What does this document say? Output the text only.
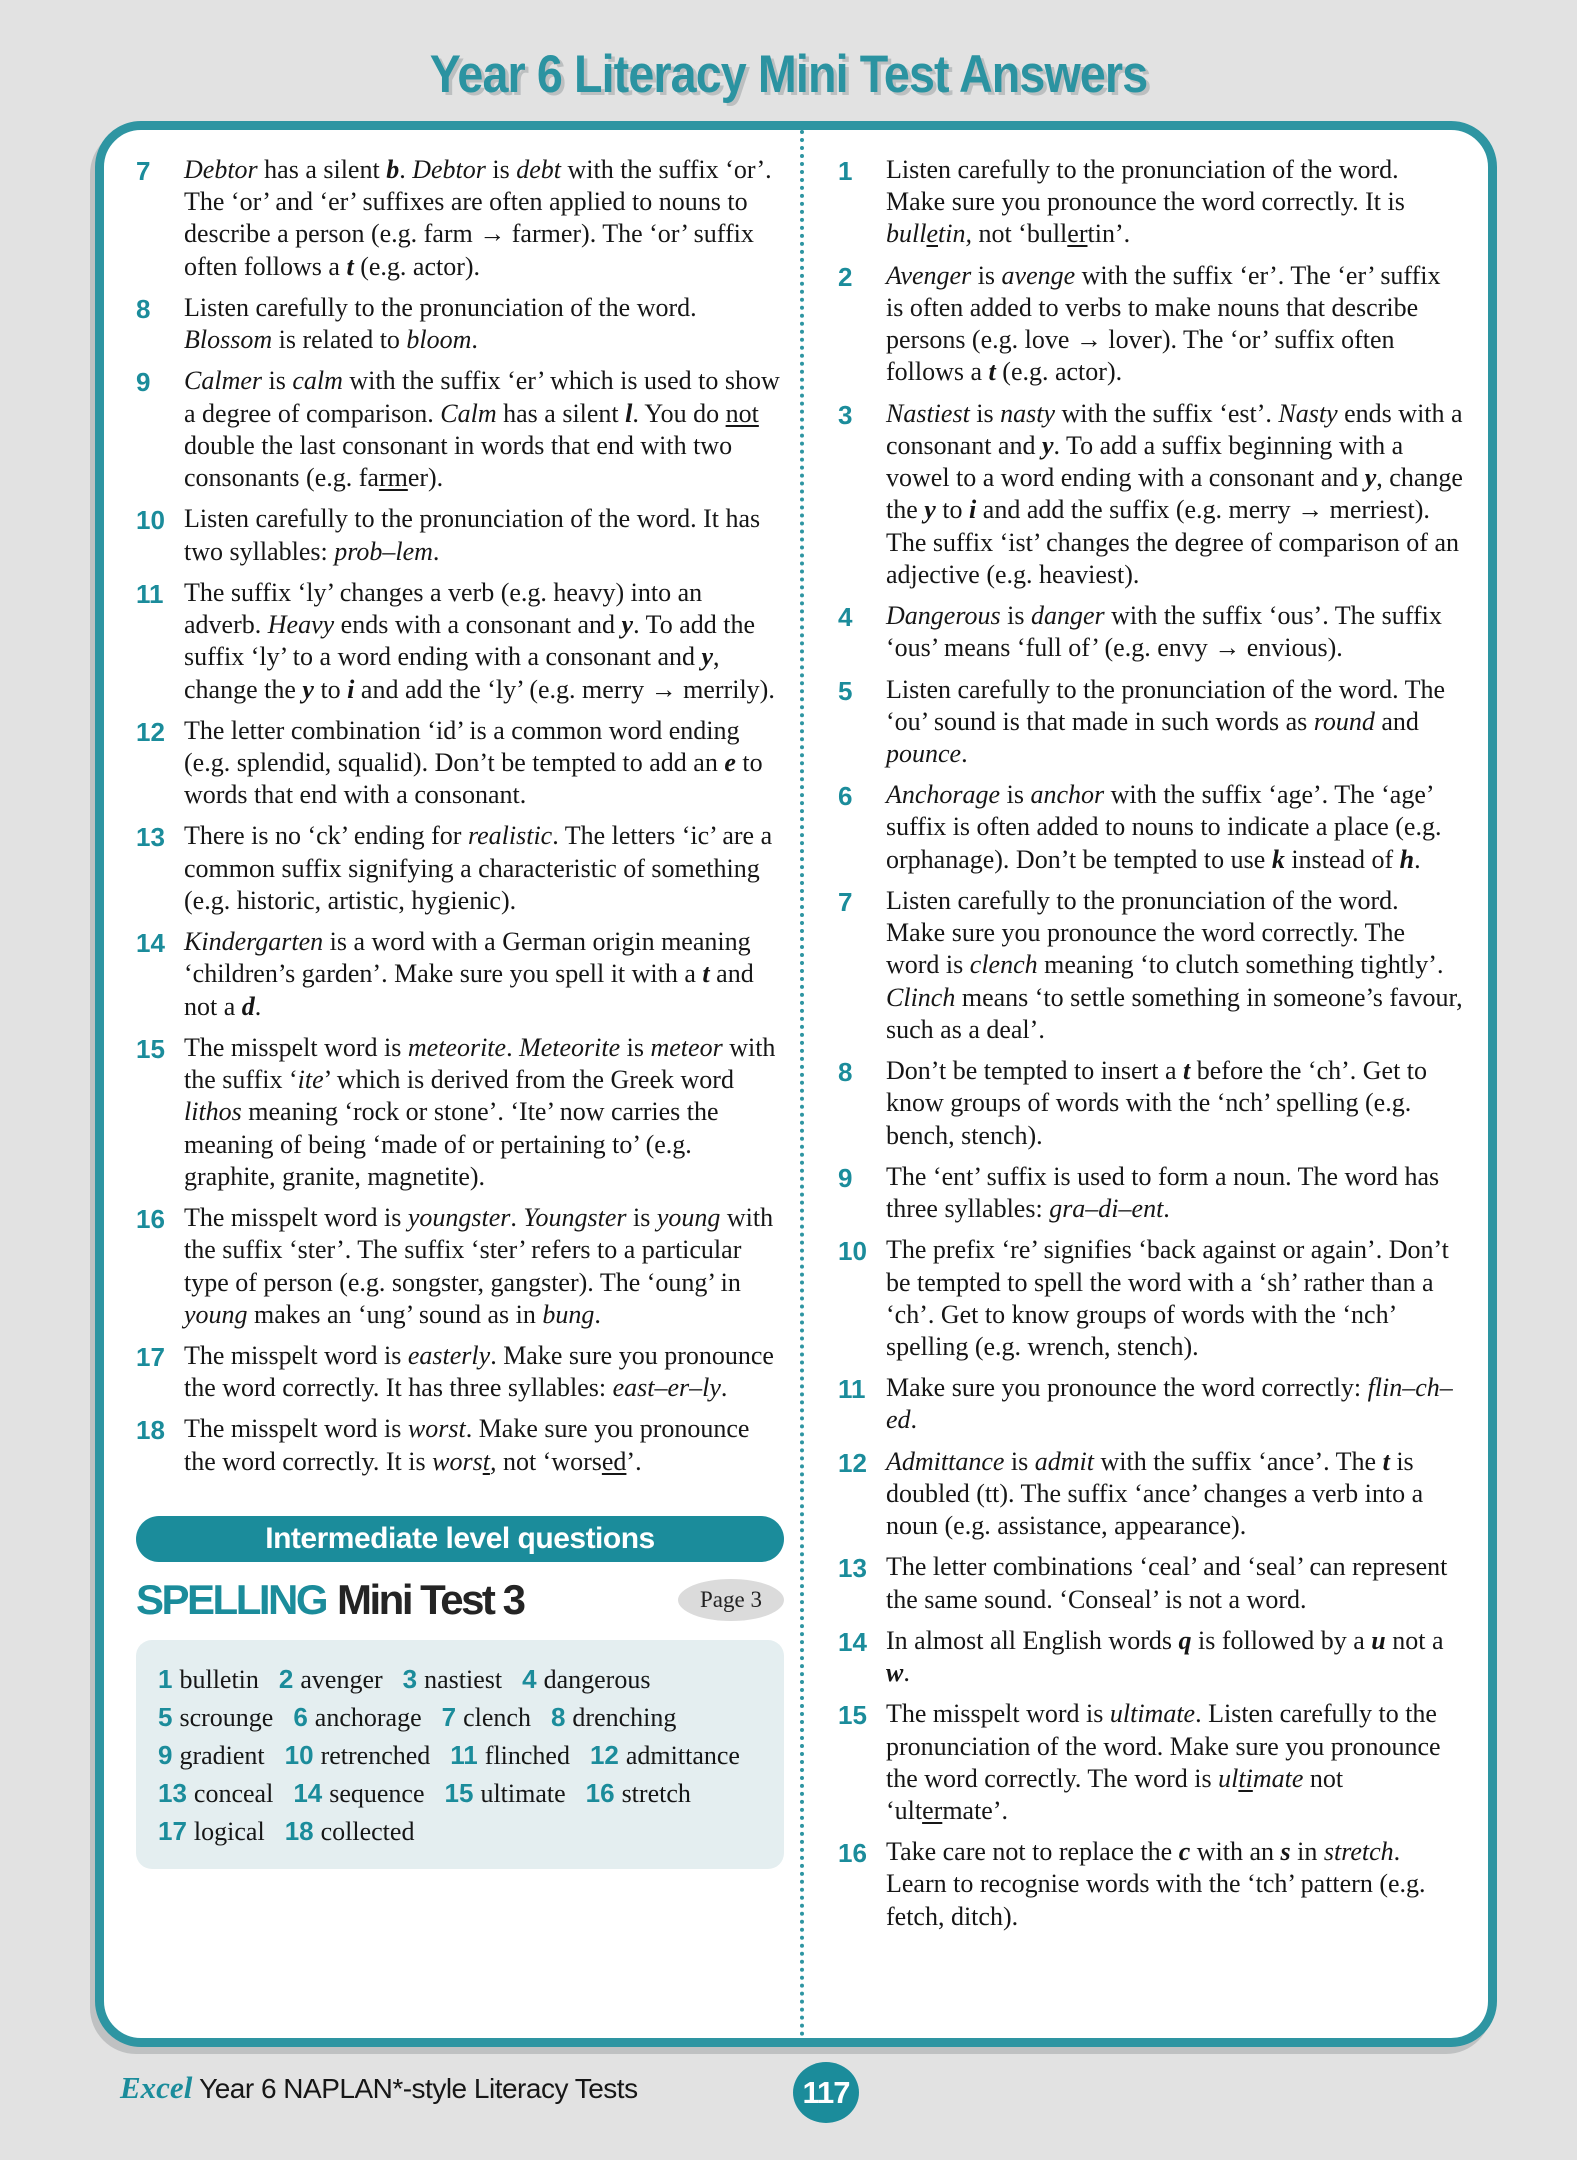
Year 6 Literacy Mini Test Answers
7	Debtor has a silent b. Debtor is debt with the suffix ‘or’. The ‘or’ and ‘er’ suffixes are often applied to nouns to describe a person (e.g. farm → farmer). The ‘or’ suffix often follows a t (e.g. actor).
8	Listen carefully to the pronunciation of the word. Blossom is related to bloom.
9	Calmer is calm with the suffix ‘er’ which is used to show a degree of comparison. Calm has a silent l. You do not double the last consonant in words that end with two consonants (e.g. farmer).
10 Listen carefully to the pronunciation of the word. It has two syllables: prob–lem.
11 The suffix ‘ly’ changes a verb (e.g. heavy) into an adverb. Heavy ends with a consonant and y. To add the suffix ‘ly’ to a word ending with a consonant and y, change the y to i and add the ‘ly’ (e.g. merry → merrily).
12 The letter combination ‘id’ is a common word ending (e.g. splendid, squalid). Don’t be tempted to add an e to words that end with a consonant.
13 There is no ‘ck’ ending for realistic. The letters ‘ic’ are a common suffix signifying a characteristic of something (e.g. historic, artistic, hygienic).
14 Kindergarten is a word with a German origin meaning ‘children’s garden’. Make sure you spell it with a t and not a d.
15 The misspelt word is meteorite. Meteorite is meteor with the suffix ‘ite’ which is derived from the Greek word lithos meaning ‘rock or stone’. ‘Ite’ now carries the meaning of being ‘made of or pertaining to’ (e.g. graphite, granite, magnetite).
16 The misspelt word is youngster. Youngster is young with the suffix ‘ster’. The suffix ‘ster’ refers to a particular type of person (e.g. songster, gangster). The ‘oung’ in young makes an ‘ung’ sound as in bung.
17 The misspelt word is easterly. Make sure you pronounce the word correctly. It has three syllables: east–er–ly.
18 The misspelt word is worst. Make sure you pronounce the word correctly. It is worst, not ‘worsed’.
Intermediate level questions
SPELLING Mini Test 3	Page 3
1 bulletin 2 avenger 3 nastiest 4 dangerous
5 scrounge 6 anchorage 7 clench 8 drenching
9 gradient 10 retrenched 11 flinched 12 admittance
13 conceal 14 sequence 15 ultimate 16 stretch
17 logical 18 collected
1	Listen carefully to the pronunciation of the word. Make sure you pronounce the word correctly. It is bulletin, not ‘bullertin’.
2	Avenger is avenge with the suffix ‘er’. The ‘er’ suffix is often added to verbs to make nouns that describe persons (e.g. love → lover). The ‘or’ suffix often follows a t (e.g. actor).
3	Nastiest is nasty with the suffix ‘est’. Nasty ends with a consonant and y. To add a suffix beginning with a vowel to a word ending with a consonant and y, change the y to i and add the suffix (e.g. merry → merriest). The suffix ‘ist’ changes the degree of comparison of an adjective (e.g. heaviest).
4	Dangerous is danger with the suffix ‘ous’. The suffix ‘ous’ means ‘full of’ (e.g. envy → envious).
5	Listen carefully to the pronunciation of the word. The ‘ou’ sound is that made in such words as round and pounce.
6	Anchorage is anchor with the suffix ‘age’. The ‘age’ suffix is often added to nouns to indicate a place (e.g. orphanage). Don’t be tempted to use k instead of h.
7	Listen carefully to the pronunciation of the word. Make sure you pronounce the word correctly. The word is clench meaning ‘to clutch something tightly’. Clinch means ‘to settle something in someone’s favour, such as a deal’.
8	Don’t be tempted to insert a t before the ‘ch’. Get to know groups of words with the ‘nch’ spelling (e.g. bench, stench).
9	The ‘ent’ suffix is used to form a noun. The word has three syllables: gra–di–ent.
10 The prefix ‘re’ signifies ‘back against or again’. Don’t be tempted to spell the word with a ‘sh’ rather than a ‘ch’. Get to know groups of words with the ‘nch’ spelling (e.g. wrench, stench).
11 Make sure you pronounce the word correctly: flin–ch–ed.
12 Admittance is admit with the suffix ‘ance’. The t is doubled (tt). The suffix ‘ance’ changes a verb into a noun (e.g. assistance, appearance).
13 The letter combinations ‘ceal’ and ‘seal’ can represent the same sound. ‘Conseal’ is not a word.
14 In almost all English words q is followed by a u not a w.
15 The misspelt word is ultimate. Listen carefully to the pronunciation of the word. Make sure you pronounce the word correctly. The word is ultimate not ‘ultermate’.
16 Take care not to replace the c with an s in stretch. Learn to recognise words with the ‘tch’ pattern (e.g. fetch, ditch).
Excel Year 6 NAPLAN*-style Literacy Tests	117
